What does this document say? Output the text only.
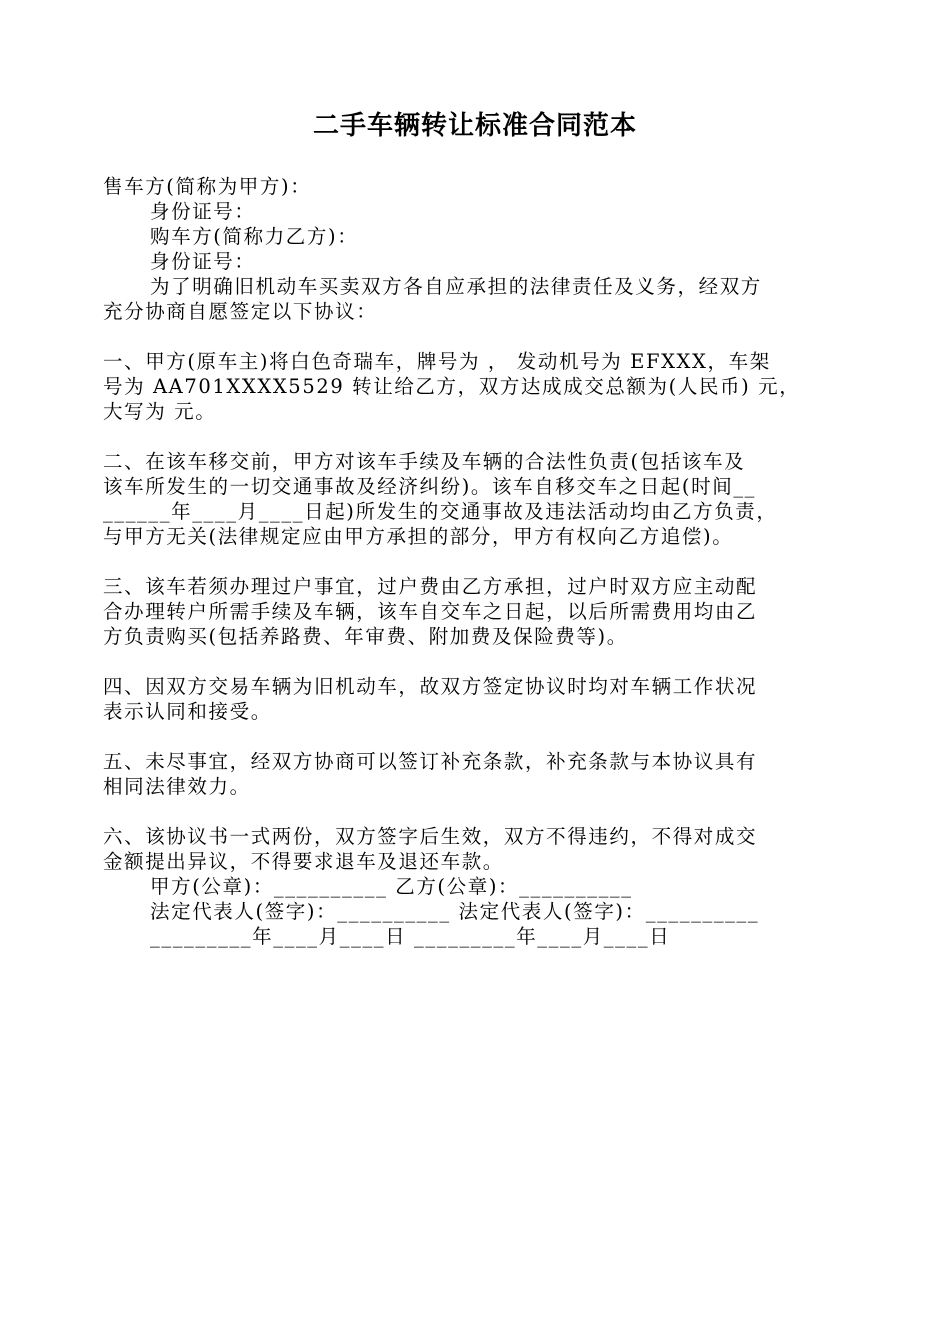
二手车辆转让标准合同范本
售车方(简称为甲方)：
身份证号：
购车方(简称力乙方)：
身份证号：
为了明确旧机动车买卖双方各自应承担的法律责任及义务，经双方
充分协商自愿签定以下协议：
一、甲方(原车主)将白色奇瑞车，牌号为 ， 发动机号为 EFXXX，车架
号为 AA701XXXX5529 转让给乙方，双方达成成交总额为(人民币) 元，
大写为 元。
二、在该车移交前，甲方对该车手续及车辆的合法性负责(包括该车及
该车所发生的一切交通事故及经济纠纷)。该车自移交车之日起(时间__
______年____月____日起)所发生的交通事故及违法活动均由乙方负责，
与甲方无关(法律规定应由甲方承担的部分，甲方有权向乙方追偿)。
三、该车若须办理过户事宜，过户费由乙方承担，过户时双方应主动配
合办理转户所需手续及车辆，该车自交车之日起，以后所需费用均由乙
方负责购买(包括养路费、年审费、附加费及保险费等)。
四、因双方交易车辆为旧机动车，故双方签定协议时均对车辆工作状况
表示认同和接受。
五、未尽事宜，经双方协商可以签订补充条款，补充条款与本协议具有
相同法律效力。
六、该协议书一式两份，双方签字后生效，双方不得违约，不得对成交
金额提出异议，不得要求退车及退还车款。
甲方(公章)：__________ 乙方(公章)：__________
法定代表人(签字)：__________ 法定代表人(签字)：__________
_________年____月____日 _________年____月____日
